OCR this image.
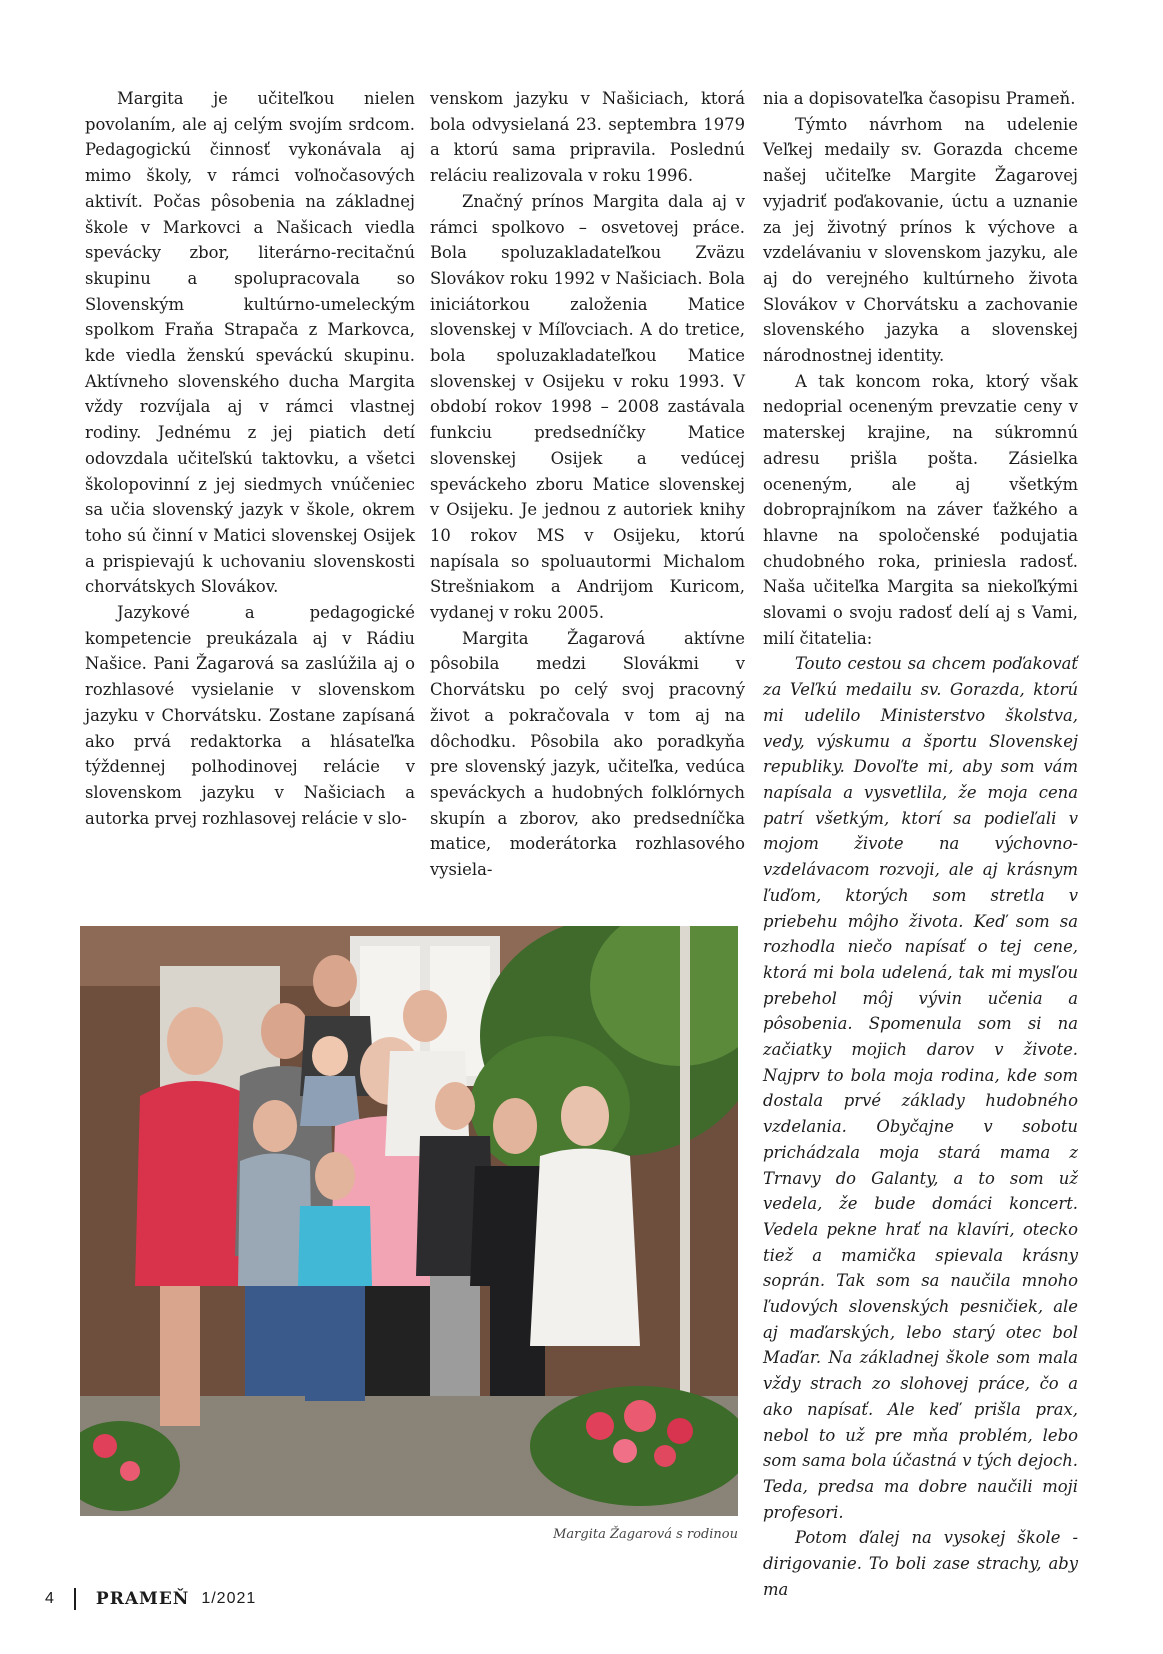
Margita je učiteľkou nielen povolaním, ale aj celým svojím srdcom. Pedagogickú činnosť vykonávala aj mimo školy, v rámci voľnočasových aktivít. Počas pôsobenia na základnej škole v Markovci a Našicach viedla spevácky zbor, literárno-recitačnú skupinu a spolupracovala so Slovenským kultúrno-umeleckým spolkom Fraňa Strapača z Markovca, kde viedla ženskú speváckú skupinu. Aktívneho slovenského ducha Margita vždy rozvíjala aj v rámci vlastnej rodiny. Jednému z jej piatich detí odovzdala učiteľskú taktovku, a všetci školopovinní z jej siedmych vnúčeniec sa učia slovenský jazyk v škole, okrem toho sú činní v Matici slovenskej Osijek a prispievajú k uchovaniu slovenskosti chorvátskych Slovákov.

Jazykové a pedagogické kompetencie preukázala aj v Rádiu Našice. Pani Žagarová sa zaslúžila aj o rozhlasové vysielanie v slovenskom jazyku v Chorvátsku. Zostane zapísaná ako prvá redaktorka a hlásateľka týždennej polhodinovej relácie v slovenskom jazyku v Našiciach a autorka prvej rozhlasovej relácie v slo-

venskom jazyku v Našiciach, ktorá bola odvysielaná 23. septembra 1979 a ktorú sama pripravila. Poslednú reláciu realizovala v roku 1996.

Značný prínos Margita dala aj v rámci spolkovo – osvetovej práce. Bola spoluzakladateľkou Zväzu Slovákov roku 1992 v Našiciach. Bola iniciátorkou založenia Matice slovenskej v Míľovciach. A do tretice, bola spoluzakladateľkou Matice slovenskej v Osijeku v roku 1993. V období rokov 1998 – 2008 zastávala funkciu predsedníčky Matice slovenskej Osijek a vedúcej speváckeho zboru Matice slovenskej v Osijeku. Je jednou z autoriek knihy 10 rokov MS v Osijeku, ktorú napísala so spoluautormi Michalom Strešniakom a Andrijom Kuricom, vydanej v roku 2005.

Margita Žagarová aktívne pôsobila medzi Slovákmi v Chorvátsku po celý svoj pracovný život a pokračovala v tom aj na dôchodku. Pôsobila ako poradkyňa pre slovenský jazyk, učiteľka, vedúca speváckych a hudobných folklórnych skupín a zborov, ako predsedníčka matice, moderátorka rozhlasového vysiela-

nia a dopisovateľka časopisu Prameň.

Týmto návrhom na udelenie Veľkej medaily sv. Gorazda chceme našej učiteľke Margite Žagarovej vyjadriť poďakovanie, úctu a uznanie za jej životný prínos k výchove a vzdelávaniu v slovenskom jazyku, ale aj do verejného kultúrneho života Slovákov v Chorvátsku a zachovanie slovenského jazyka a slovenskej národnostnej identity.

A tak koncom roka, ktorý však nedoprial oceneným prevzatie ceny v materskej krajine, na súkromnú adresu prišla pošta. Zásielka oceneným, ale aj všetkým dobroprajníkom na záver ťažkého a hlavne na spoločenské podujatia chudobného roka, priniesla radosť. Naša učiteľka Margita sa niekoľkými slovami o svoju radosť delí aj s Vami, milí čitatelia:

Touto cestou sa chcem poďakovať za Veľkú medailu sv. Gorazda, ktorú mi udelilo Ministerstvo školstva, vedy, výskumu a športu Slovenskej republiky. Dovoľte mi, aby som vám napísala a vysvetlila, že moja cena patrí všetkým, ktorí sa podieľali v mojom živote na výchovno-vzdelávacom rozvoji, ale aj krásnym ľuďom, ktorých som stretla v priebehu môjho života. Keď som sa rozhodla niečo napísať o tej cene, ktorá mi bola udelená, tak mi mysľou prebehol môj vývin učenia a pôsobenia. Spomenula som si na začiatky mojich darov v živote. Najprv to bola moja rodina, kde som dostala prvé základy hudobného vzdelania. Obyčajne v sobotu prichádzala moja stará mama z Trnavy do Galanty, a to som už vedela, že bude domáci koncert. Vedela pekne hrať na klavíri, otecko tiež a mamička spievala krásny soprán. Tak som sa naučila mnoho ľudových slovenských pesničiek, ale aj maďarských, lebo starý otec bol Maďar. Na základnej škole som mala vždy strach zo slohovej práce, čo a ako napísať. Ale keď prišla prax, nebol to už pre mňa problém, lebo som sama bola účastná v tých dejoch. Teda, predsa ma dobre naučili moji profesori.

Potom ďalej na vysokej škole - dirigovanie. To boli zase strachy, aby ma

Margita Žagarová s rodinou
4 PRAMEŇ 1/2021
